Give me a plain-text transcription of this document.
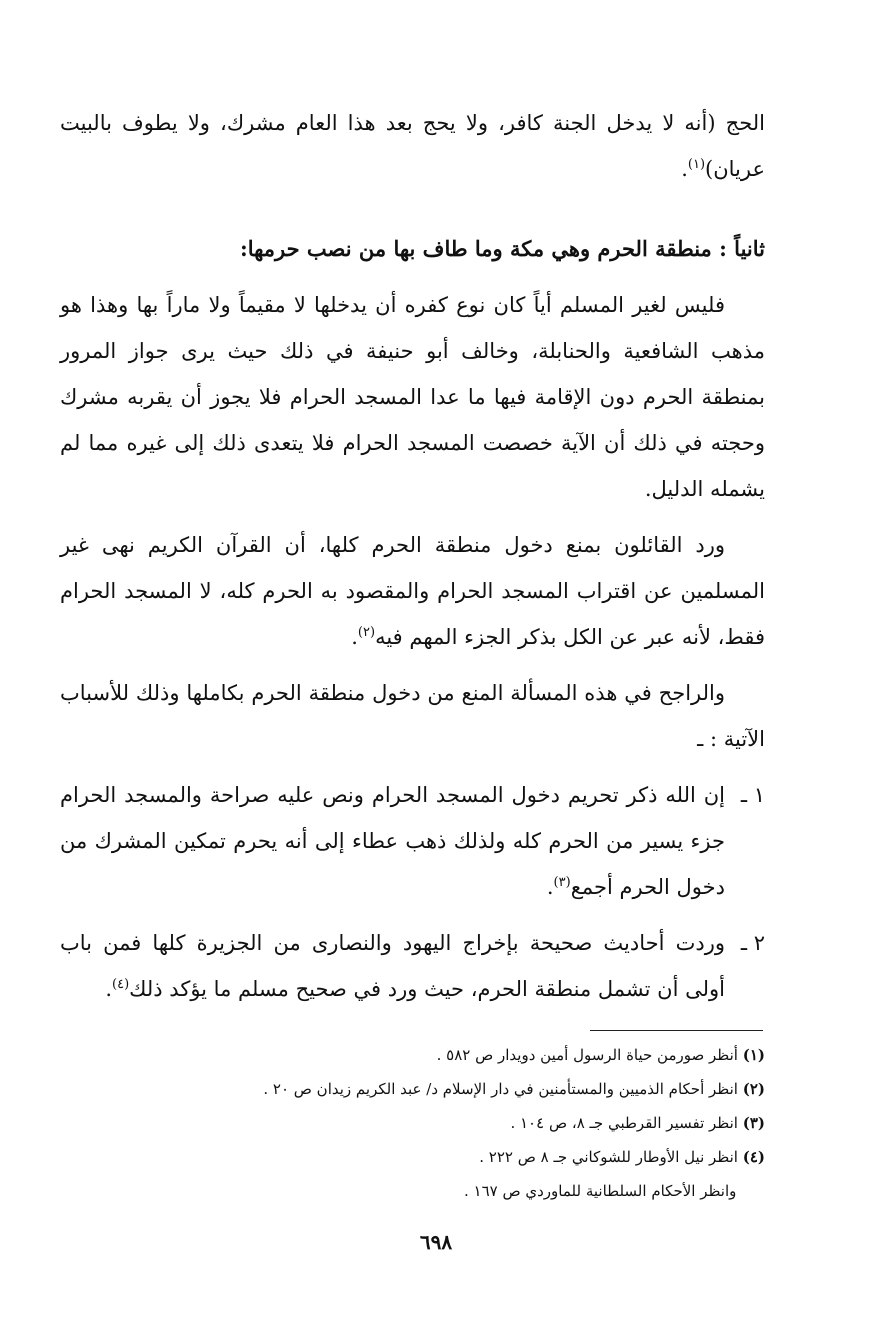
الحج (أنه لا يدخل الجنة كافر، ولا يحج بعد هذا العام مشرك، ولا يطوف بالبيت عريان)$^{(١)}$.

ثانياً : منطقة الحرم وهي مكة وما طاف بها من نصب حرمها:

فليس لغير المسلم أياً كان نوع كفره أن يدخلها لا مقيماً ولا ماراً بها وهذا هو مذهب الشافعية والحنابلة، وخالف أبو حنيفة في ذلك حيث يرى جواز المرور بمنطقة الحرم دون الإقامة فيها ما عدا المسجد الحرام فلا يجوز أن يقربه مشرك وحجته في ذلك أن الآية خصصت المسجد الحرام فلا يتعدى ذلك إلى غيره مما لم يشمله الدليل.

ورد القائلون بمنع دخول منطقة الحرم كلها، أن القرآن الكريم نهى غير المسلمين عن اقتراب المسجد الحرام والمقصود به الحرم كله، لا المسجد الحرام فقط، لأنه عبر عن الكل بذكر الجزء المهم فيه$^{(٢)}$.

والراجح في هذه المسألة المنع من دخول منطقة الحرم بكاملها وذلك للأسباب الآتية : ـ

١ ـ
إن الله ذكر تحريم دخول المسجد الحرام ونص عليه صراحة والمسجد الحرام جزء يسير من الحرم كله ولذلك ذهب عطاء إلى أنه يحرم تمكين المشرك من دخول الحرم أجمع$^{(٣)}$.
٢ ـ
وردت أحاديث صحيحة بإخراج اليهود والنصارى من الجزيرة كلها فمن باب أولى أن تشمل منطقة الحرم، حيث ورد في صحيح مسلم ما يؤكد ذلك$^{(٤)}$.

(١) أنظر صورمن حياة الرسول أمين دويدار ص ٥٨٢ .

(٢) انظر أحكام الذميين والمستأمنين في دار الإسلام د/ عبد الكريم زيدان ص ٢٠ .

(٣) انظر تفسير القرطبي جـ ٨، ص ١٠٤ .

(٤) انظر نيل الأوطار للشوكاني جـ ٨ ص ٢٢٢ .

وانظر الأحكام السلطانية للماوردي ص ١٦٧ .

٦٩٨
